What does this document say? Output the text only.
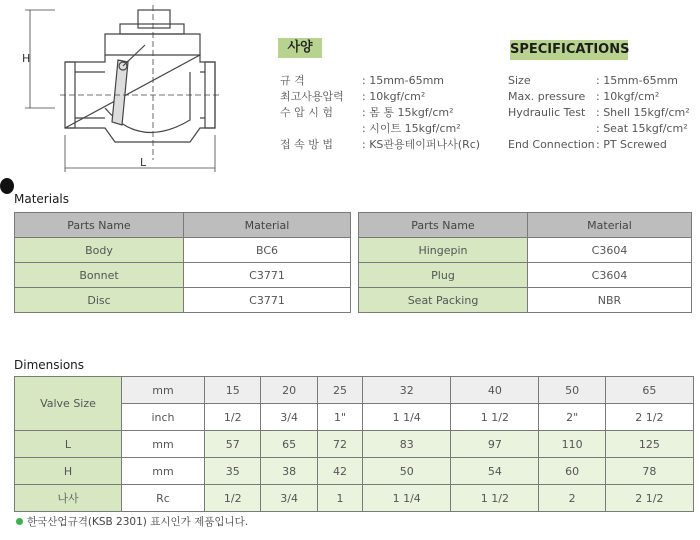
H
L
사양
규 격	: 15mm-65mm
최고사용압력 : 10kgf/cm²
수 압 시 험	: 몸 통 15kgf/cm²
: 시이트 15kgf/cm²
접 속 방 법	: KS관용테이퍼나사(Rc)
SPECIFICATIONS
Size	: 15mm-65mm
Max. pressure : 10kgf/cm²
Hydraulic Test : Shell 15kgf/cm²
: Seat 15kgf/cm²
End Connection: PT Screwed
Materials
Parts Name	Material
Body	BC6
Bonnet	C3771
Disc	C3771
Parts Name	Material
Hingepin	C3604
Plug	C3604
Seat Packing	NBR
Dimensions
Valve Size	mm	15	20	25	32	40	50	65
	inch	1/2	3/4	1"	1 1/4	1 1/2	2"	2 1/2
L	mm	57	65	72	83	97	110	125
H	mm	35	38	42	50	54	60	78
나사	Rc	1/2	3/4	1	1 1/4	1 1/2	2	2 1/2
한국산업규격(KSB 2301) 표시인가 제품입니다.
